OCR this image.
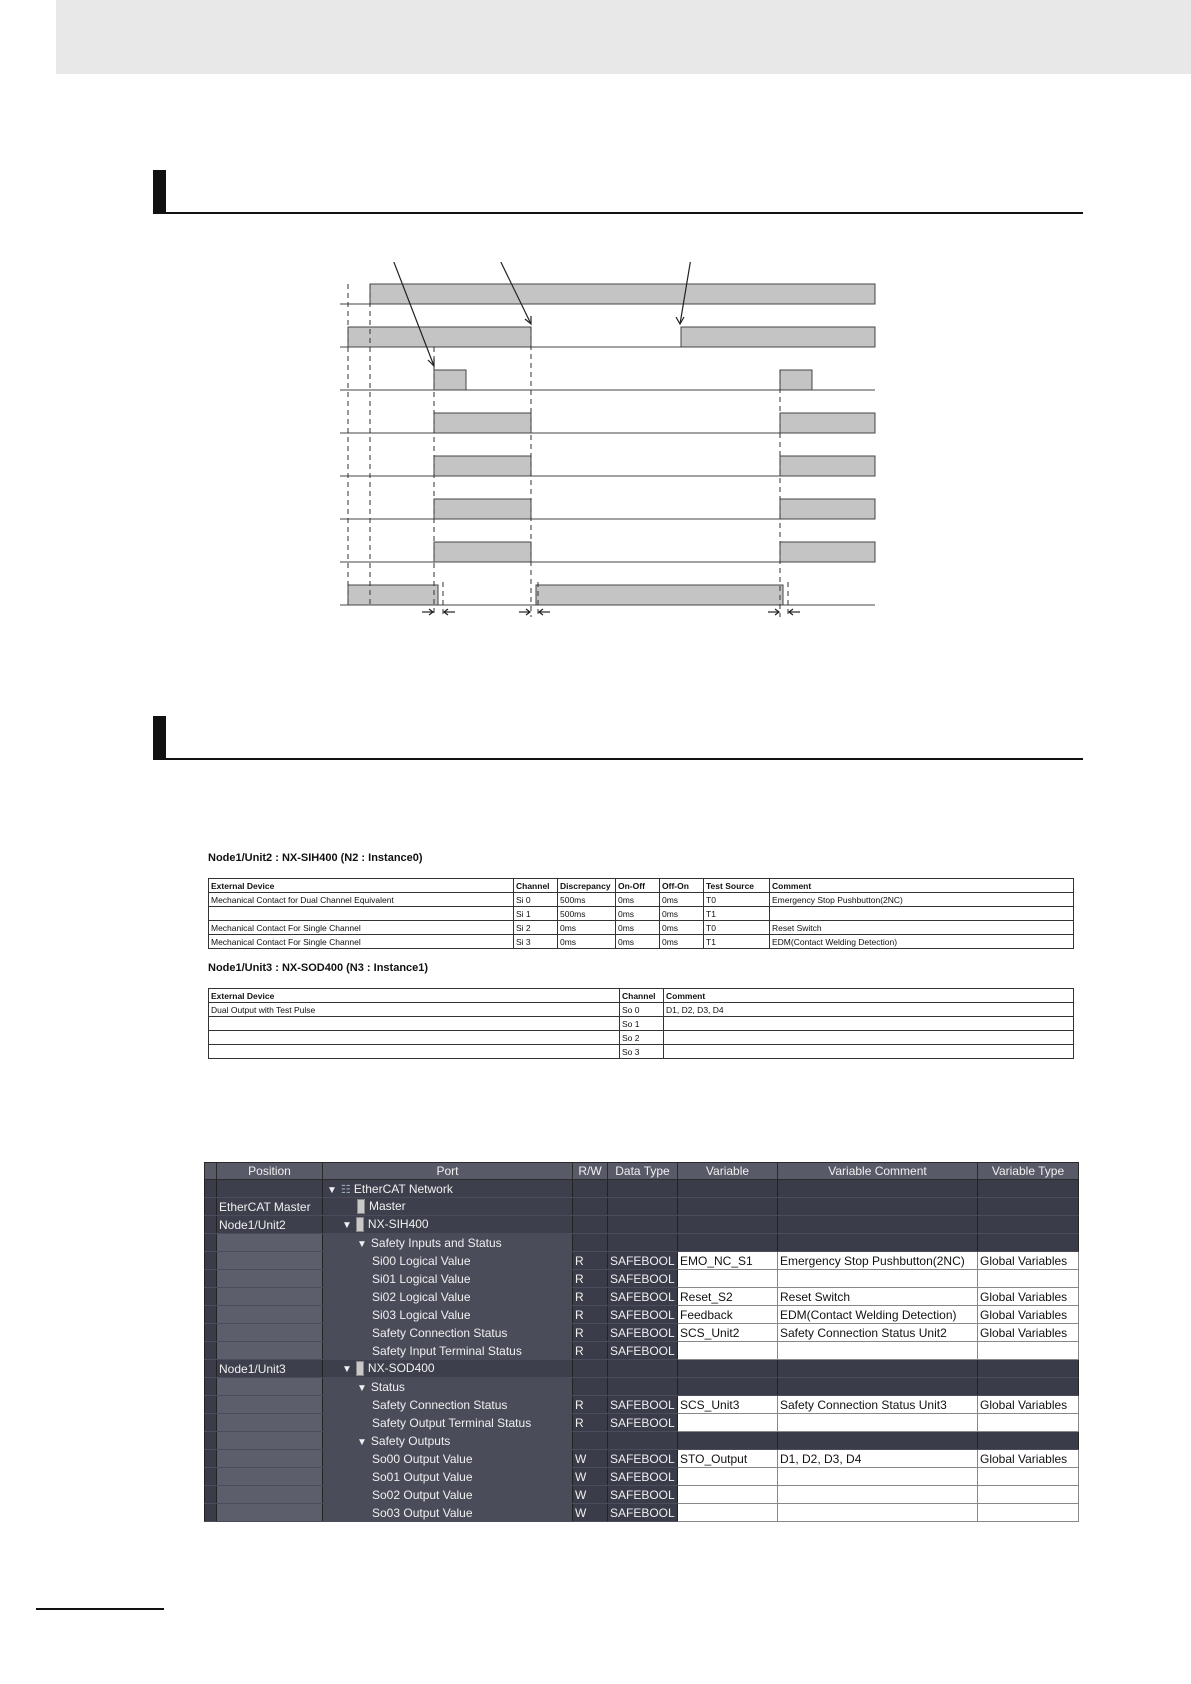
Node1/Unit2 : NX-SIH400 (N2 : Instance0)
External Device	Channel	Discrepancy	On-Off	Off-On	Test Source	Comment
Mechanical Contact for Dual Channel Equivalent	Si 0	500ms	0ms	0ms	T0	Emergency Stop Pushbutton(2NC)
	Si 1	500ms	0ms	0ms	T1	
Mechanical Contact For Single Channel	Si 2	0ms	0ms	0ms	T0	Reset Switch
Mechanical Contact For Single Channel	Si 3	0ms	0ms	0ms	T1	EDM(Contact Welding Detection)
Node1/Unit3 : NX-SOD400 (N3 : Instance1)
External Device	Channel	Comment
Dual Output with Test Pulse	So 0	D1, D2, D3, D4
	So 1	
	So 2	
	So 3	
	Position	Port	R/W	Data Type	Variable	Variable Comment	Variable Type
		▼ ☷ EtherCAT Network					
	EtherCAT Master	Master					
	Node1/Unit2	▼ NX-SIH400					
		▼ Safety Inputs and Status					
		Si00 Logical Value	R	SAFEBOOL	EMO_NC_S1	Emergency Stop Pushbutton(2NC)	Global Variables
		Si01 Logical Value	R	SAFEBOOL			
		Si02 Logical Value	R	SAFEBOOL	Reset_S2	Reset Switch	Global Variables
		Si03 Logical Value	R	SAFEBOOL	Feedback	EDM(Contact Welding Detection)	Global Variables
		Safety Connection Status	R	SAFEBOOL	SCS_Unit2	Safety Connection Status Unit2	Global Variables
		Safety Input Terminal Status	R	SAFEBOOL			
	Node1/Unit3	▼ NX-SOD400					
		▼ Status					
		Safety Connection Status	R	SAFEBOOL	SCS_Unit3	Safety Connection Status Unit3	Global Variables
		Safety Output Terminal Status	R	SAFEBOOL			
		▼ Safety Outputs					
		So00 Output Value	W	SAFEBOOL	STO_Output	D1, D2, D3, D4	Global Variables
		So01 Output Value	W	SAFEBOOL			
		So02 Output Value	W	SAFEBOOL			
		So03 Output Value	W	SAFEBOOL			
